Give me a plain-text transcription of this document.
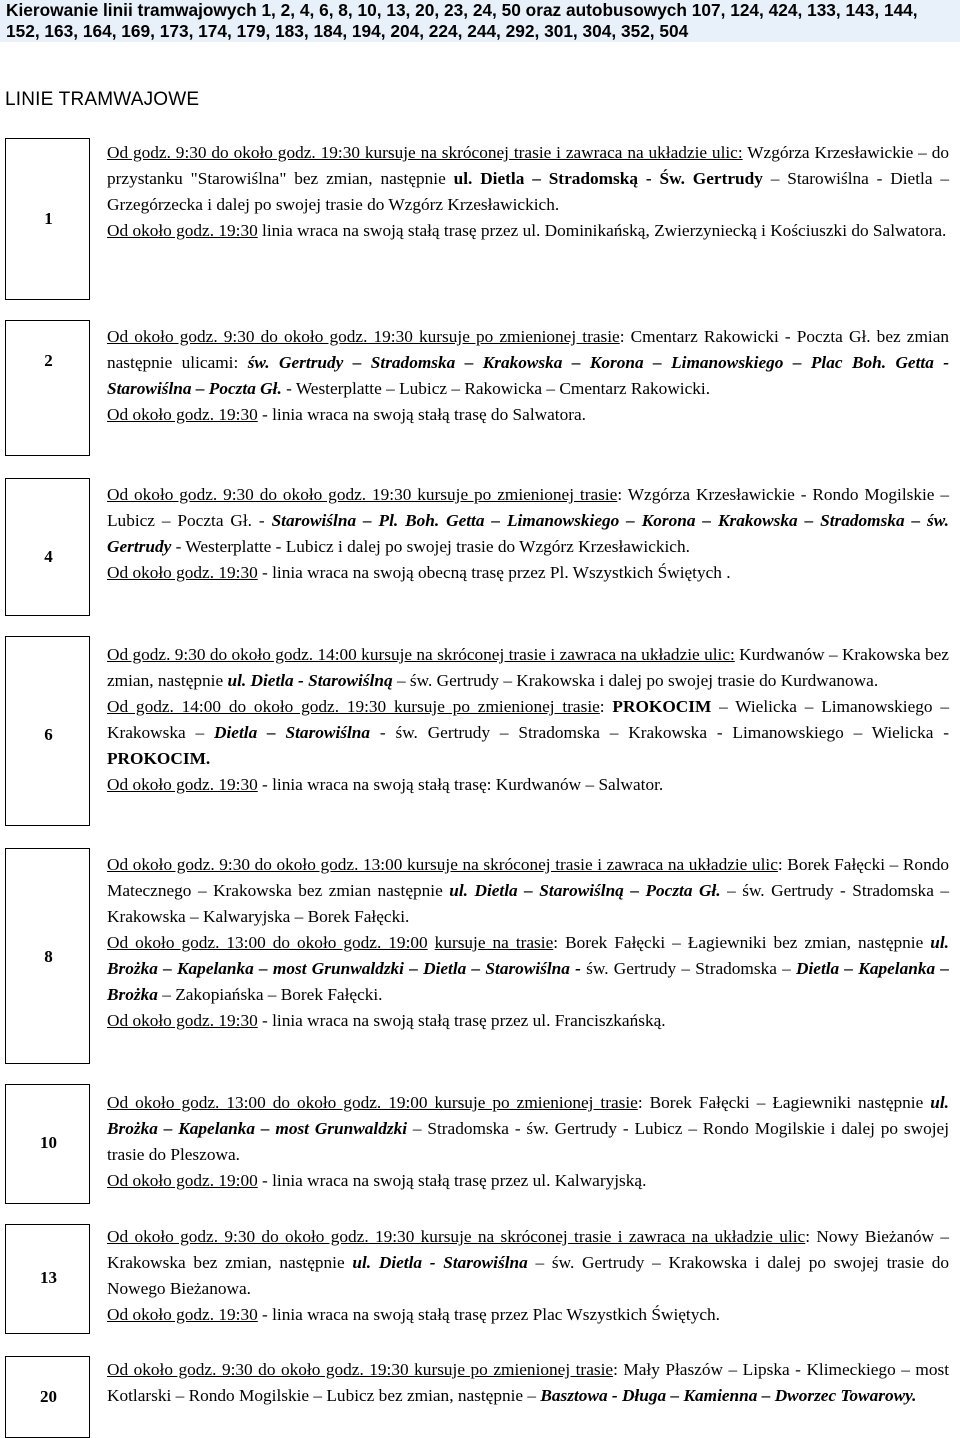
Kierowanie linii tramwajowych 1, 2, 4, 6, 8, 10, 13, 20, 23, 24, 50 oraz autobusowych 107, 124, 424, 133, 143, 144, 152, 163, 164, 169, 173, 174, 179, 183, 184, 194, 204, 224, 244, 292, 301, 304, 352, 504

LINIE TRAMWAJOWE
1
2
4
6
8
10
13
20

Od godz. 9:30 do około godz. 19:30 kursuje na skróconej trasie i zawraca na układzie ulic: Wzgórza Krzesławickie – do przystanku "Starowiślna" bez zmian, następnie ul. Dietla – Stradomską - Św. Gertrudy – Starowiślna - Dietla – Grzegórzecka i dalej po swojej trasie do Wzgórz Krzesławickich.

Od około godz. 19:30 linia wraca na swoją stałą trasę przez ul. Dominikańską, Zwierzyniecką i Kościuszki do Salwatora.

Od około godz. 9:30 do około godz. 19:30 kursuje po zmienionej trasie: Cmentarz Rakowicki - Poczta Gł. bez zmian następnie ulicami: św. Gertrudy – Stradomska – Krakowska – Korona – Limanowskiego – Plac Boh. Getta - Starowiślna – Poczta Gł. - Westerplatte – Lubicz – Rakowicka – Cmentarz Rakowicki.

Od około godz. 19:30 - linia wraca na swoją stałą trasę do Salwatora.

Od około godz. 9:30 do około godz. 19:30 kursuje po zmienionej trasie: Wzgórza Krzesławickie - Rondo Mogilskie – Lubicz – Poczta Gł. - Starowiślna – Pl. Boh. Getta – Limanowskiego – Korona – Krakowska – Stradomska – św. Gertrudy - Westerplatte - Lubicz i dalej po swojej trasie do Wzgórz Krzesławickich.

Od około godz. 19:30 - linia wraca na swoją obecną trasę przez Pl. Wszystkich Świętych .

Od godz. 9:30 do około godz. 14:00 kursuje na skróconej trasie i zawraca na układzie ulic: Kurdwanów – Krakowska bez zmian, następnie ul. Dietla - Starowiślną – św. Gertrudy – Krakowska i dalej po swojej trasie do Kurdwanowa.

Od godz. 14:00 do około godz. 19:30 kursuje po zmienionej trasie: PROKOCIM – Wielicka – Limanowskiego – Krakowska – Dietla – Starowiślna - św. Gertrudy – Stradomska – Krakowska - Limanowskiego – Wielicka - PROKOCIM.

Od około godz. 19:30 - linia wraca na swoją stałą trasę: Kurdwanów – Salwator.

Od około godz. 9:30 do około godz. 13:00 kursuje na skróconej trasie i zawraca na układzie ulic: Borek Fałęcki – Rondo Matecznego – Krakowska bez zmian następnie ul. Dietla – Starowiślną – Poczta Gł. – św. Gertrudy - Stradomska – Krakowska – Kalwaryjska – Borek Fałęcki.

Od około godz. 13:00 do około godz. 19:00 kursuje na trasie: Borek Fałęcki – Łagiewniki bez zmian, następnie ul. Brożka – Kapelanka – most Grunwaldzki – Dietla – Starowiślna - św. Gertrudy – Stradomska – Dietla – Kapelanka – Brożka – Zakopiańska – Borek Fałęcki.

Od około godz. 19:30 - linia wraca na swoją stałą trasę przez ul. Franciszkańską.

Od około godz. 13:00 do około godz. 19:00 kursuje po zmienionej trasie: Borek Fałęcki – Łagiewniki następnie ul. Brożka – Kapelanka – most Grunwaldzki – Stradomska - św. Gertrudy - Lubicz – Rondo Mogilskie i dalej po swojej trasie do Pleszowa.

Od około godz. 19:00 - linia wraca na swoją stałą trasę przez ul. Kalwaryjską.

Od około godz. 9:30 do około godz. 19:30 kursuje na skróconej trasie i zawraca na układzie ulic: Nowy Bieżanów – Krakowska bez zmian, następnie ul. Dietla - Starowiślna – św. Gertrudy – Krakowska i dalej po swojej trasie do Nowego Bieżanowa.

Od około godz. 19:30 - linia wraca na swoją stałą trasę przez Plac Wszystkich Świętych.

Od około godz. 9:30 do około godz. 19:30 kursuje po zmienionej trasie: Mały Płaszów – Lipska - Klimeckiego – most Kotlarski – Rondo Mogilskie – Lubicz bez zmian, następnie – Basztowa - Długa – Kamienna – Dworzec Towarowy.
